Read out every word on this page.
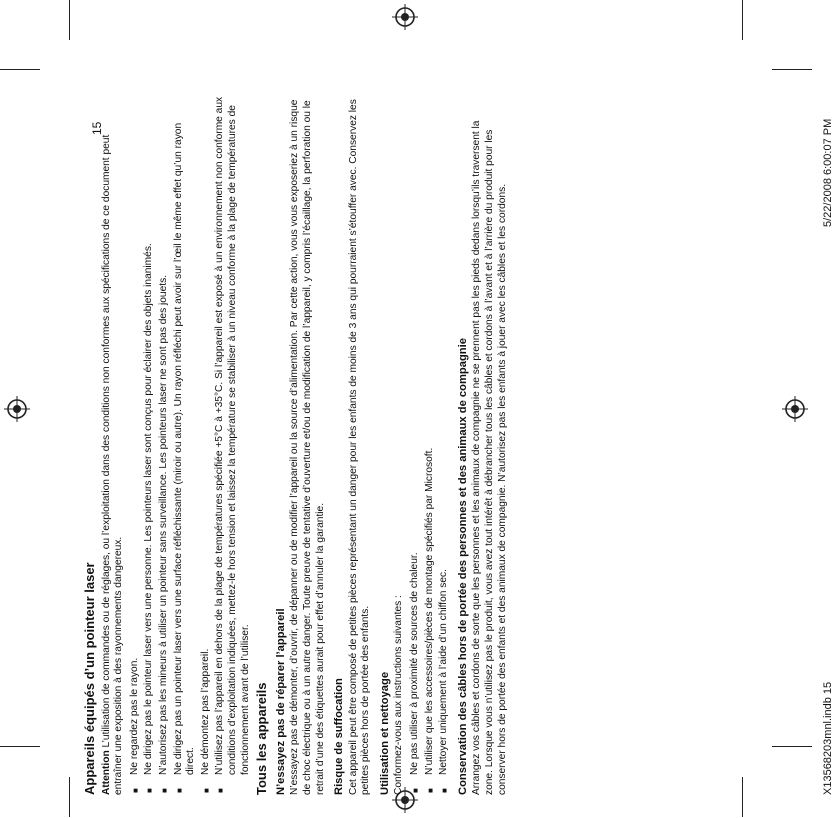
Appareils équipés d’un pointeur laser Attention L’utilisation de commandes ou de réglages, ou l’exploitation dans des conditions non conformes aux spécifications de ce document peut entraîner une exposition à des rayonnements dangereux. ■ Ne regardez pas le rayon. ■ Ne dirigez pas le pointeur laser vers une personne. Les pointeurs laser sont conçus pour éclairer des objets inanimés. ■ N’autorisez pas les mineurs à utiliser un pointeur sans surveillance. Les pointeurs laser ne sont pas des jouets. ■ Ne dirigez pas un pointeur laser vers une surface réfléchissante (miroir ou autre). Un rayon réfléchi peut avoir sur l’œil le même effet qu’un rayon direct. ■ Ne démontez pas l’appareil. ■ N’utilisez pas l’appareil en dehors de la plage de températures spécifiée +5°C à +35°C. Si l’appareil est exposé à un environnement non conforme aux conditions d’exploitation indiquées, mettez-le hors tension et laissez la température se stabiliser à un niveau conforme à la plage de températures de fonctionnement avant de l’utiliser. Tous les appareils N’essayez pas de réparer l’appareil N’essayez pas de démonter, d’ouvrir, de dépanner ou de modifier l’appareil ou la source d’alimentation. Par cette action, vous vous exposeriez à un risque de choc électrique ou à un autre danger. Toute preuve de tentative d’ouverture et/ou de modification de l’appareil, y compris l’écaillage, la perforation ou le retrait d’une des étiquettes aurait pour effet d’annuler la garantie. Risque de suffocation Cet appareil peut être composé de petites pièces représentant un danger pour les enfants de moins de 3 ans qui pourraient s’étouffer avec. Conservez les petites pièces hors de portée des enfants. Utilisation et nettoyage Conformez-vous aux instructions suivantes : ■ Ne pas utiliser à proximité de sources de chaleur. ■ N’utiliser que les accessoires/pièces de montage spécifiés par Microsoft. ■ Nettoyer uniquement à l’aide d’un chiffon sec. Conservation des câbles hors de portée des personnes et des animaux de compagnie Arrangez vos câbles et cordons de sorte que les personnes et les animaux de compagnie ne se prennent pas les pieds dedans lorsqu’ils traversent la zone. Lorsque vous n’utilisez pas le produit, vous avez tout intérêt à débrancher tous les câbles et cordons à l’avant et à l’arrière du produit pour les conserver hors de portée des enfants et des animaux de compagnie. N’autorisez pas les enfants à jouer avec les câbles et les cordons.

15
X13568203mnl.indb 15
5/22/2008 6:00:07 PM
